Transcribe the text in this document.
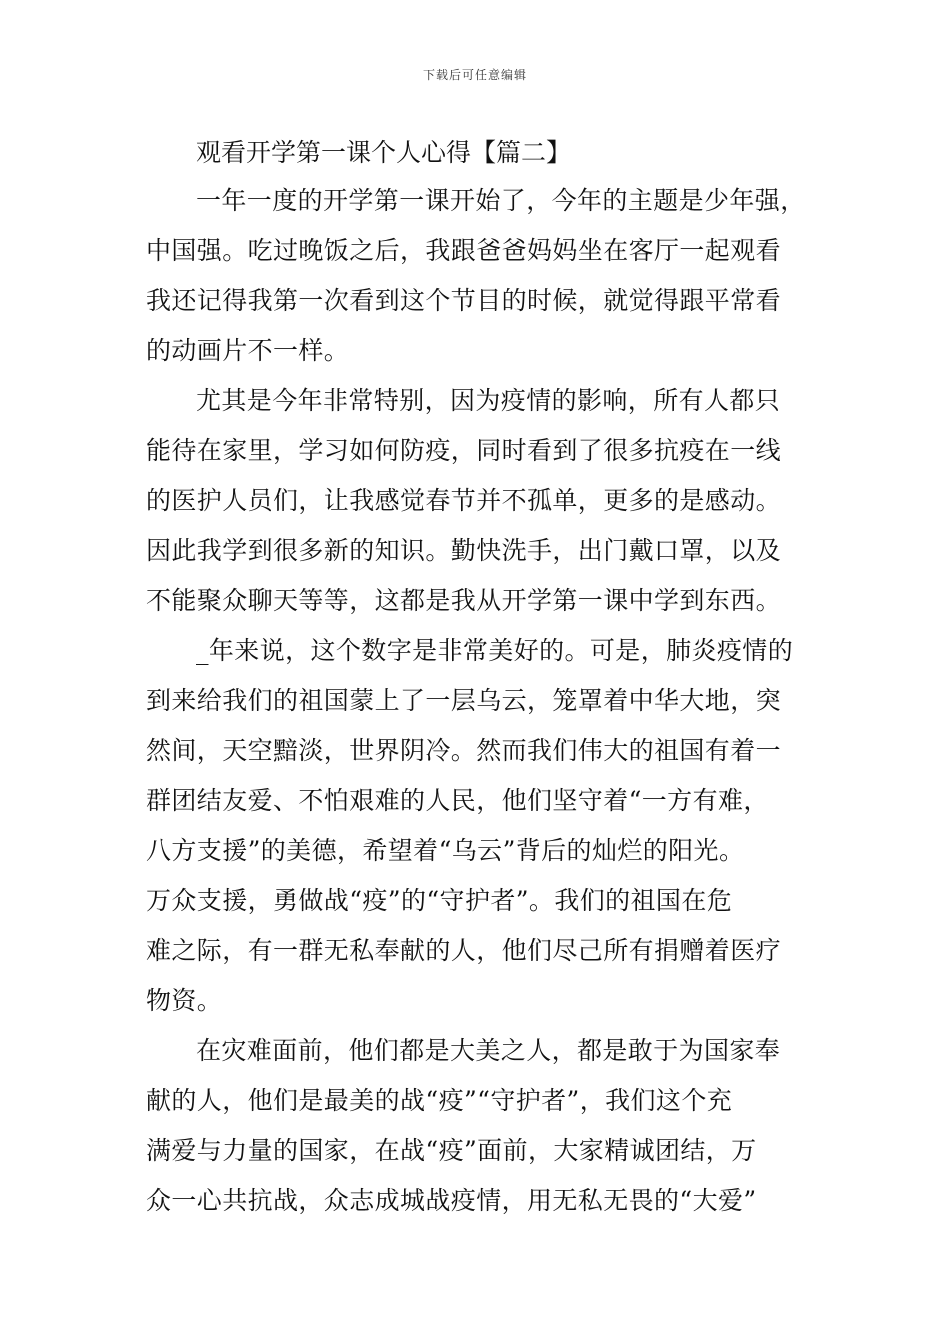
下载后可任意编辑
观看开学第一课个人心得【篇二】
一年一度的开学第一课开始了，今年的主题是少年强，
中国强。吃过晚饭之后，我跟爸爸妈妈坐在客厅一起观看
我还记得我第一次看到这个节目的时候，就觉得跟平常看
的动画片不一样。
尤其是今年非常特别，因为疫情的影响，所有人都只
能待在家里，学习如何防疫，同时看到了很多抗疫在一线
的医护人员们，让我感觉春节并不孤单，更多的是感动。
因此我学到很多新的知识。勤快洗手，出门戴口罩，以及
不能聚众聊天等等，这都是我从开学第一课中学到东西。
_年来说，这个数字是非常美好的。可是，肺炎疫情的
到来给我们的祖国蒙上了一层乌云，笼罩着中华大地，突
然间，天空黯淡，世界阴冷。然而我们伟大的祖国有着一
群团结友爱、不怕艰难的人民，他们坚守着“一方有难，
八方支援”的美德，希望着“乌云”背后的灿烂的阳光。
万众支援，勇做战“疫”的“守护者”。我们的祖国在危
难之际，有一群无私奉献的人，他们尽己所有捐赠着医疗
物资。
在灾难面前，他们都是大美之人，都是敢于为国家奉
献的人，他们是最美的战“疫”“守护者”，我们这个充
满爱与力量的国家，在战“疫”面前，大家精诚团结，万
众一心共抗战，众志成城战疫情，用无私无畏的“大爱”
